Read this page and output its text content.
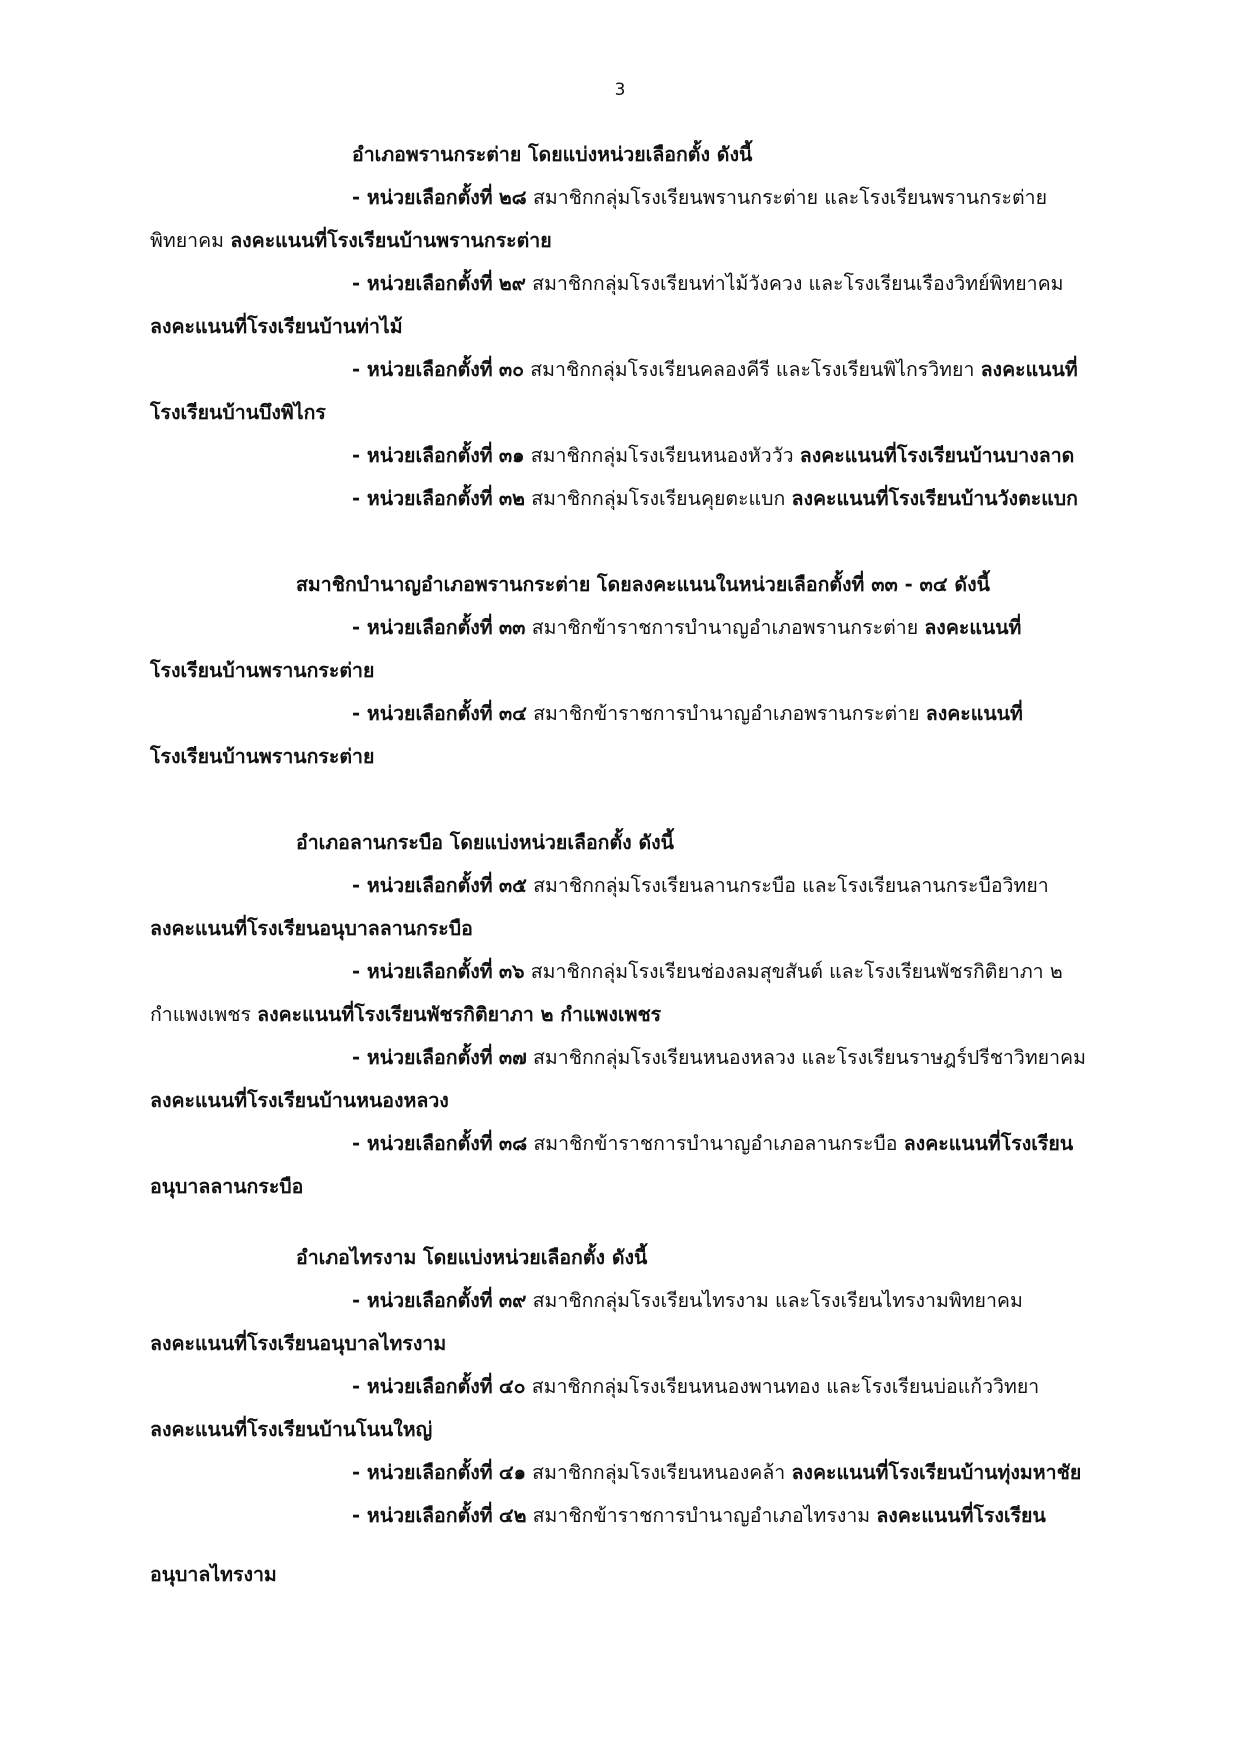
3
อำเภอพรานกระต่าย โดยแบ่งหน่วยเลือกตั้ง ดังนี้
- หน่วยเลือกตั้งที่ ๒๘ สมาชิกกลุ่มโรงเรียนพรานกระต่าย และโรงเรียนพรานกระต่าย
พิทยาคม ลงคะแนนที่โรงเรียนบ้านพรานกระต่าย
- หน่วยเลือกตั้งที่ ๒๙ สมาชิกกลุ่มโรงเรียนท่าไม้วังควง และโรงเรียนเรืองวิทย์พิทยาคม
ลงคะแนนที่โรงเรียนบ้านท่าไม้
- หน่วยเลือกตั้งที่ ๓๐ สมาชิกกลุ่มโรงเรียนคลองคีรี และโรงเรียนพิไกรวิทยา ลงคะแนนที่
โรงเรียนบ้านบึงพิไกร
- หน่วยเลือกตั้งที่ ๓๑ สมาชิกกลุ่มโรงเรียนหนองหัววัว ลงคะแนนที่โรงเรียนบ้านบางลาด
- หน่วยเลือกตั้งที่ ๓๒ สมาชิกกลุ่มโรงเรียนคุยตะแบก ลงคะแนนที่โรงเรียนบ้านวังตะแบก
สมาชิกบำนาญอำเภอพรานกระต่าย โดยลงคะแนนในหน่วยเลือกตั้งที่ ๓๓ - ๓๔ ดังนี้
- หน่วยเลือกตั้งที่ ๓๓ สมาชิกข้าราชการบำนาญอำเภอพรานกระต่าย ลงคะแนนที่
โรงเรียนบ้านพรานกระต่าย
- หน่วยเลือกตั้งที่ ๓๔ สมาชิกข้าราชการบำนาญอำเภอพรานกระต่าย ลงคะแนนที่
โรงเรียนบ้านพรานกระต่าย
อำเภอลานกระบือ โดยแบ่งหน่วยเลือกตั้ง ดังนี้
- หน่วยเลือกตั้งที่ ๓๕ สมาชิกกลุ่มโรงเรียนลานกระบือ และโรงเรียนลานกระบือวิทยา
ลงคะแนนที่โรงเรียนอนุบาลลานกระบือ
- หน่วยเลือกตั้งที่ ๓๖ สมาชิกกลุ่มโรงเรียนช่องลมสุขสันต์ และโรงเรียนพัชรกิติยาภา ๒
กำแพงเพชร ลงคะแนนที่โรงเรียนพัชรกิติยาภา ๒ กำแพงเพชร
- หน่วยเลือกตั้งที่ ๓๗ สมาชิกกลุ่มโรงเรียนหนองหลวง และโรงเรียนราษฎร์ปรีชาวิทยาคม
ลงคะแนนที่โรงเรียนบ้านหนองหลวง
- หน่วยเลือกตั้งที่ ๓๘ สมาชิกข้าราชการบำนาญอำเภอลานกระบือ ลงคะแนนที่โรงเรียน
อนุบาลลานกระบือ
อำเภอไทรงาม โดยแบ่งหน่วยเลือกตั้ง ดังนี้
- หน่วยเลือกตั้งที่ ๓๙ สมาชิกกลุ่มโรงเรียนไทรงาม และโรงเรียนไทรงามพิทยาคม
ลงคะแนนที่โรงเรียนอนุบาลไทรงาม
- หน่วยเลือกตั้งที่ ๔๐ สมาชิกกลุ่มโรงเรียนหนองพานทอง และโรงเรียนบ่อแก้ววิทยา
ลงคะแนนที่โรงเรียนบ้านโนนใหญ่
- หน่วยเลือกตั้งที่ ๔๑ สมาชิกกลุ่มโรงเรียนหนองคล้า ลงคะแนนที่โรงเรียนบ้านทุ่งมหาชัย
- หน่วยเลือกตั้งที่ ๔๒ สมาชิกข้าราชการบำนาญอำเภอไทรงาม ลงคะแนนที่โรงเรียน
อนุบาลไทรงาม
